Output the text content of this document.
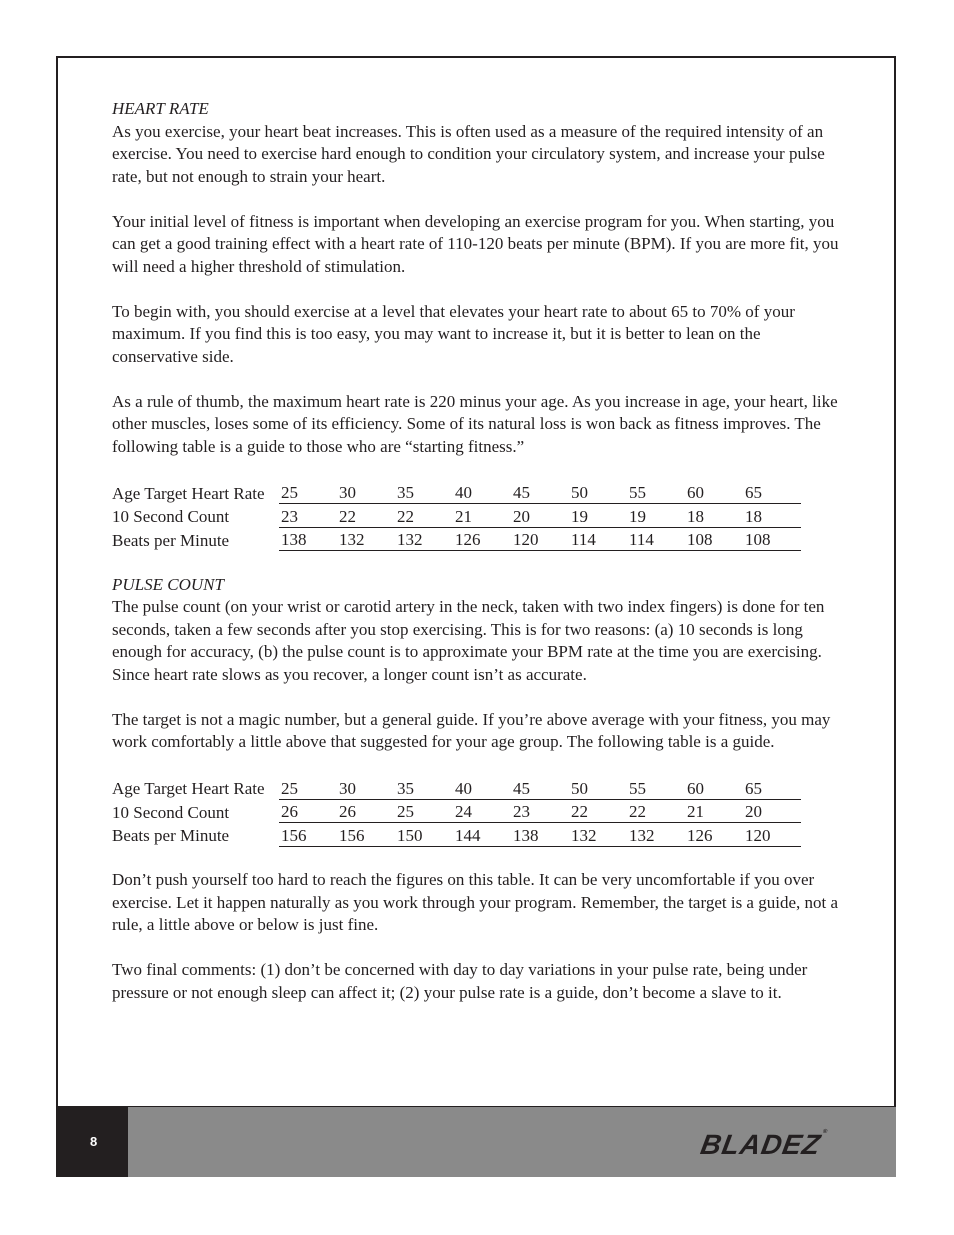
HEART RATE

As you exercise, your heart beat increases. This is often used as a measure of the required intensity of an exercise. You need to exercise hard enough to condition your circulatory system, and increase your pulse rate, but not enough to strain your heart.

Your initial level of fitness is important when developing an exercise program for you. When starting, you can get a good training effect with a heart rate of 110-120 beats per minute (BPM). If you are more fit, you will need a higher threshold of stimulation.

To begin with, you should exercise at a level that elevates your heart rate to about 65 to 70% of your maximum. If you find this is too easy, you may want to increase it, but it is better to lean on the conservative side.

As a rule of thumb, the maximum heart rate is 220 minus your age. As you increase in age, your heart, like other muscles, loses some of its efficiency. Some of its natural loss is won back as fitness improves. The following table is a guide to those who are “starting fitness.”

Age Target Heart Rate	25	30	35	40	45	50	55	60	65
10 Second Count	23	22	22	21	20	19	19	18	18
Beats per Minute	138	132	132	126	120	114	114	108	108
PULSE COUNT

The pulse count (on your wrist or carotid artery in the neck, taken with two index fingers) is done for ten seconds, taken a few seconds after you stop exercising. This is for two reasons: (a) 10 seconds is long enough for accuracy, (b) the pulse count is to approximate your BPM rate at the time you are exercising. Since heart rate slows as you recover, a longer count isn’t as accurate.

The target is not a magic number, but a general guide. If you’re above average with your fitness, you may work comfortably a little above that suggested for your age group. The following table is a guide.

Age Target Heart Rate	25	30	35	40	45	50	55	60	65
10 Second Count	26	26	25	24	23	22	22	21	20
Beats per Minute	156	156	150	144	138	132	132	126	120

Don’t push yourself too hard to reach the figures on this table. It can be very uncomfortable if you over exercise. Let it happen naturally as you work through your program. Remember, the target is a guide, not a rule, a little above or below is just fine.

Two final comments: (1) don’t be concerned with day to day variations in your pulse rate, being under pressure or not enough sleep can affect it; (2) your pulse rate is a guide, don’t become a slave to it.

8	BLADEZ®
